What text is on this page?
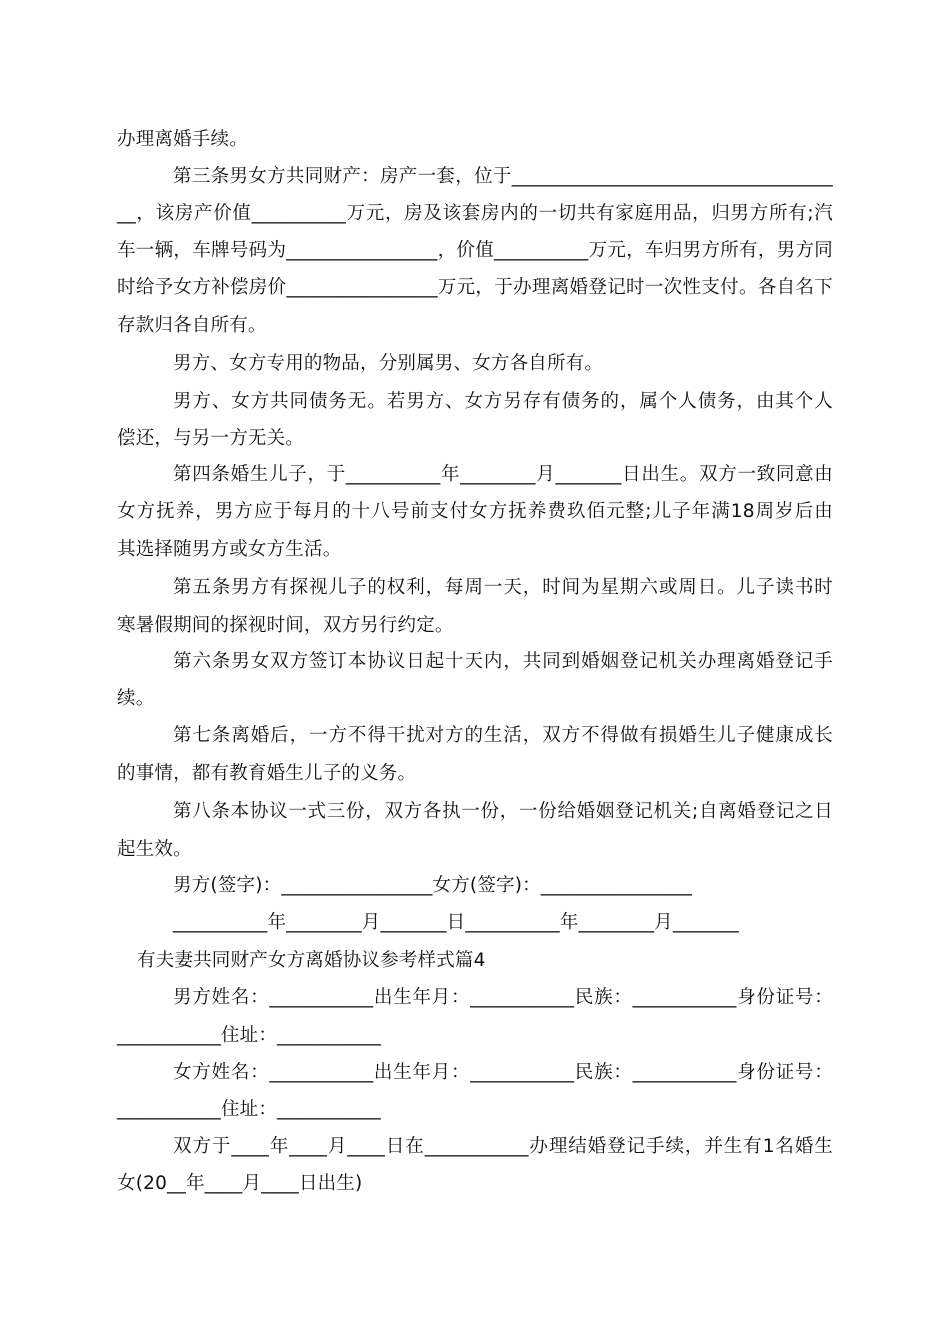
办理离婚手续。
第三条男女方共同财产：房产一套，位于__________________________________
__，该房产价值__________万元，房及该套房内的一切共有家庭用品，归男方所有;汽
车一辆，车牌号码为________________，价值__________万元，车归男方所有，男方同
时给予女方补偿房价________________万元，于办理离婚登记时一次性支付。各自名下
存款归各自所有。
男方、女方专用的物品，分别属男、女方各自所有。
男方、女方共同债务无。若男方、女方另存有债务的，属个人债务，由其个人
偿还，与另一方无关。
第四条婚生儿子，于__________年________月_______日出生。双方一致同意由
女方抚养，男方应于每月的十八号前支付女方抚养费玖佰元整;儿子年满18周岁后由
其选择随男方或女方生活。
第五条男方有探视儿子的权利，每周一天，时间为星期六或周日。儿子读书时
寒暑假期间的探视时间，双方另行约定。
第六条男女双方签订本协议日起十天内，共同到婚姻登记机关办理离婚登记手
续。
第七条离婚后，一方不得干扰对方的生活，双方不得做有损婚生儿子健康成长
的事情，都有教育婚生儿子的义务。
第八条本协议一式三份，双方各执一份，一份给婚姻登记机关;自离婚登记之日
起生效。
男方(签字)：________________女方(签字)：________________
__________年________月_______日__________年________月_______
有夫妻共同财产女方离婚协议参考样式篇4
男方姓名：___________出生年月：___________民族：___________身份证号：
___________住址：___________
女方姓名：___________出生年月：___________民族：___________身份证号：
___________住址：___________
双方于____年____月____日在___________办理结婚登记手续，并生有1名婚生
女(20__年____月____日出生)
